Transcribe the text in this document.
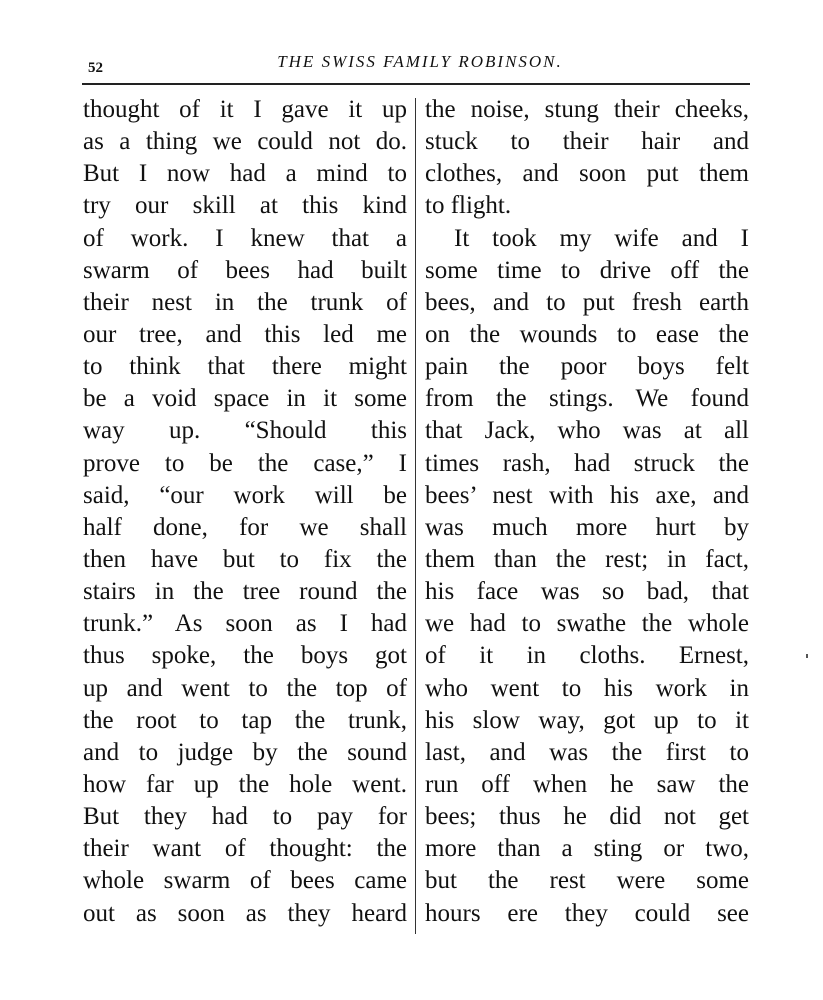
52	THE SWISS FAMILY ROBINSON.
thought of it I gave it up
as a thing we could not do.
But I now had a mind to
try our skill at this kind
of work. I knew that a
swarm of bees had built
their nest in the trunk of
our tree, and this led me
to think that there might
be a void space in it some
way up. “Should this
prove to be the case,” I
said, “our work will be
half done, for we shall
then have but to fix the
stairs in the tree round the
trunk.” As soon as I had
thus spoke, the boys got
up and went to the top of
the root to tap the trunk,
and to judge by the sound
how far up the hole went.
But they had to pay for
their want of thought: the
whole swarm of bees came
out as soon as they heard
the noise, stung their cheeks,
stuck to their hair and
clothes, and soon put them
to flight.
It took my wife and I
some time to drive off the
bees, and to put fresh earth
on the wounds to ease the
pain the poor boys felt
from the stings. We found
that Jack, who was at all
times rash, had struck the
bees’ nest with his axe, and
was much more hurt by
them than the rest; in fact,
his face was so bad, that
we had to swathe the whole
of it in cloths. Ernest,
who went to his work in
his slow way, got up to it
last, and was the first to
run off when he saw the
bees; thus he did not get
more than a sting or two,
but the rest were some
hours ere they could see
